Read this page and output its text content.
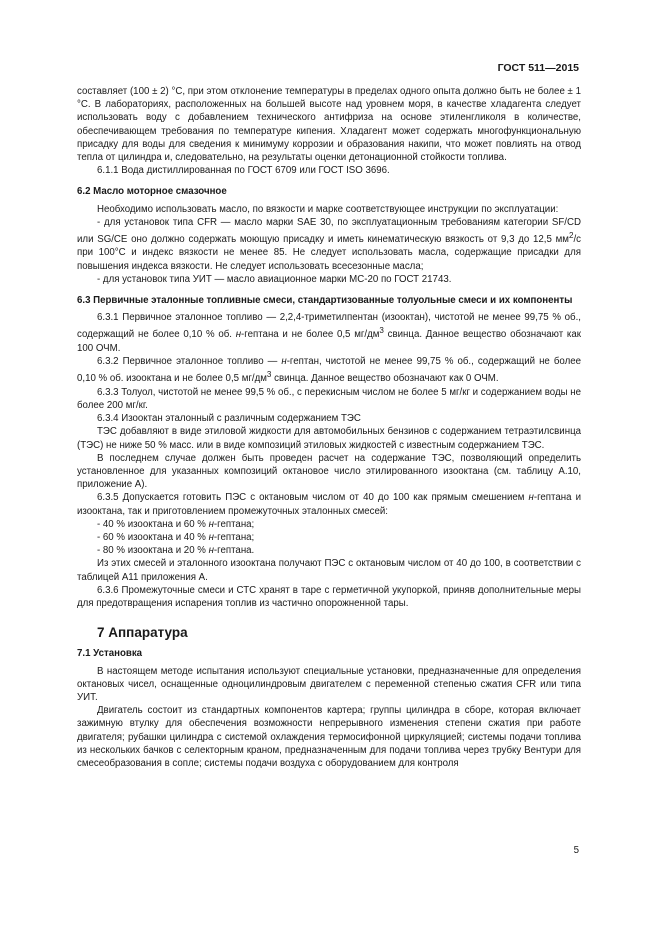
ГОСТ 511—2015

составляет (100 ± 2) °С, при этом отклонение температуры в пределах одного опыта должно быть не более ± 1 °С. В лабораториях, расположенных на большей высоте над уровнем моря, в качестве хладагента следует использовать воду с добавлением технического антифриза на основе этиленгликоля в количестве, обеспечивающем требования по температуре кипения. Хладагент может содержать многофункциональную присадку для воды для сведения к минимуму коррозии и образования накипи, что может повлиять на отвод тепла от цилиндра и, следовательно, на результаты оценки детонационной стойкости топлива.

6.1.1 Вода дистиллированная по ГОСТ 6709 или ГОСТ ISO 3696.

6.2 Масло моторное смазочное

Необходимо использовать масло, по вязкости и марке соответствующее инструкции по эксплуатации:

- для установок типа CFR — масло марки SAE 30, по эксплуатационным требованиям категории SF/CD или SG/CE оно должно содержать моющую присадку и иметь кинематическую вязкость от 9,3 до 12,5 $мм^2/с$ при 100°С и индекс вязкости не менее 85. Не следует использовать масла, содержащие присадки для повышения индекса вязкости. Не следует использовать всесезонные масла;

- для установок типа УИТ — масло авиационное марки МС-20 по ГОСТ 21743.

6.3 Первичные эталонные топливные смеси, стандартизованные толуольные смеси и их компоненты

6.3.1 Первичное эталонное топливо — 2,2,4-триметилпентан (изооктан), чистотой не менее 99,75 % об., содержащий не более 0,10 % об. н-гептана и не более 0,5 $мг/дм^3$ свинца. Данное вещество обозначают как 100 ОЧМ.

6.3.2 Первичное эталонное топливо — н-гептан, чистотой не менее 99,75 % об., содержащий не более 0,10 % об. изооктана и не более 0,5 $мг/дм^3$ свинца. Данное вещество обозначают как 0 ОЧМ.

6.3.3 Толуол, чистотой не менее 99,5 % об., с перекисным числом не более 5 мг/кг и содержанием воды не более 200 мг/кг.

6.3.4 Изооктан эталонный с различным содержанием ТЭС

ТЭС добавляют в виде этиловой жидкости для автомобильных бензинов с содержанием тетраэтилсвинца (ТЭС) не ниже 50 % масс. или в виде композиций этиловых жидкостей с известным содержанием ТЭС.

В последнем случае должен быть проведен расчет на содержание ТЭС, позволяющий определить установленное для указанных композиций октановое число этилированного изооктана (см. таблицу А.10, приложение А).

6.3.5 Допускается готовить ПЭС с октановым числом от 40 до 100 как прямым смешением н-гептана и изооктана, так и приготовлением промежуточных эталонных смесей:

- 40 % изооктана и 60 % н-гептана;

- 60 % изооктана и 40 % н-гептана;

- 80 % изооктана и 20 % н-гептана.

Из этих смесей и эталонного изооктана получают ПЭС с октановым числом от 40 до 100, в соответствии с таблицей А11 приложения А.

6.3.6 Промежуточные смеси и СТС хранят в таре с герметичной укупоркой, приняв дополнительные меры для предотвращения испарения топлив из частично опорожненной тары.

7 Аппаратура

7.1 Установка

В настоящем методе испытания используют специальные установки, предназначенные для определения октановых чисел, оснащенные одноцилиндровым двигателем с переменной степенью сжатия CFR или типа УИТ.

Двигатель состоит из стандартных компонентов картера; группы цилиндра в сборе, которая включает зажимную втулку для обеспечения возможности непрерывного изменения степени сжатия при работе двигателя; рубашки цилиндра с системой охлаждения термосифонной циркуляцией; системы подачи топлива из нескольких бачков с селекторным краном, предназначенным для подачи топлива через трубку Вентури для смесеобразования в сопле; системы подачи воздуха с оборудованием для контроля

5
